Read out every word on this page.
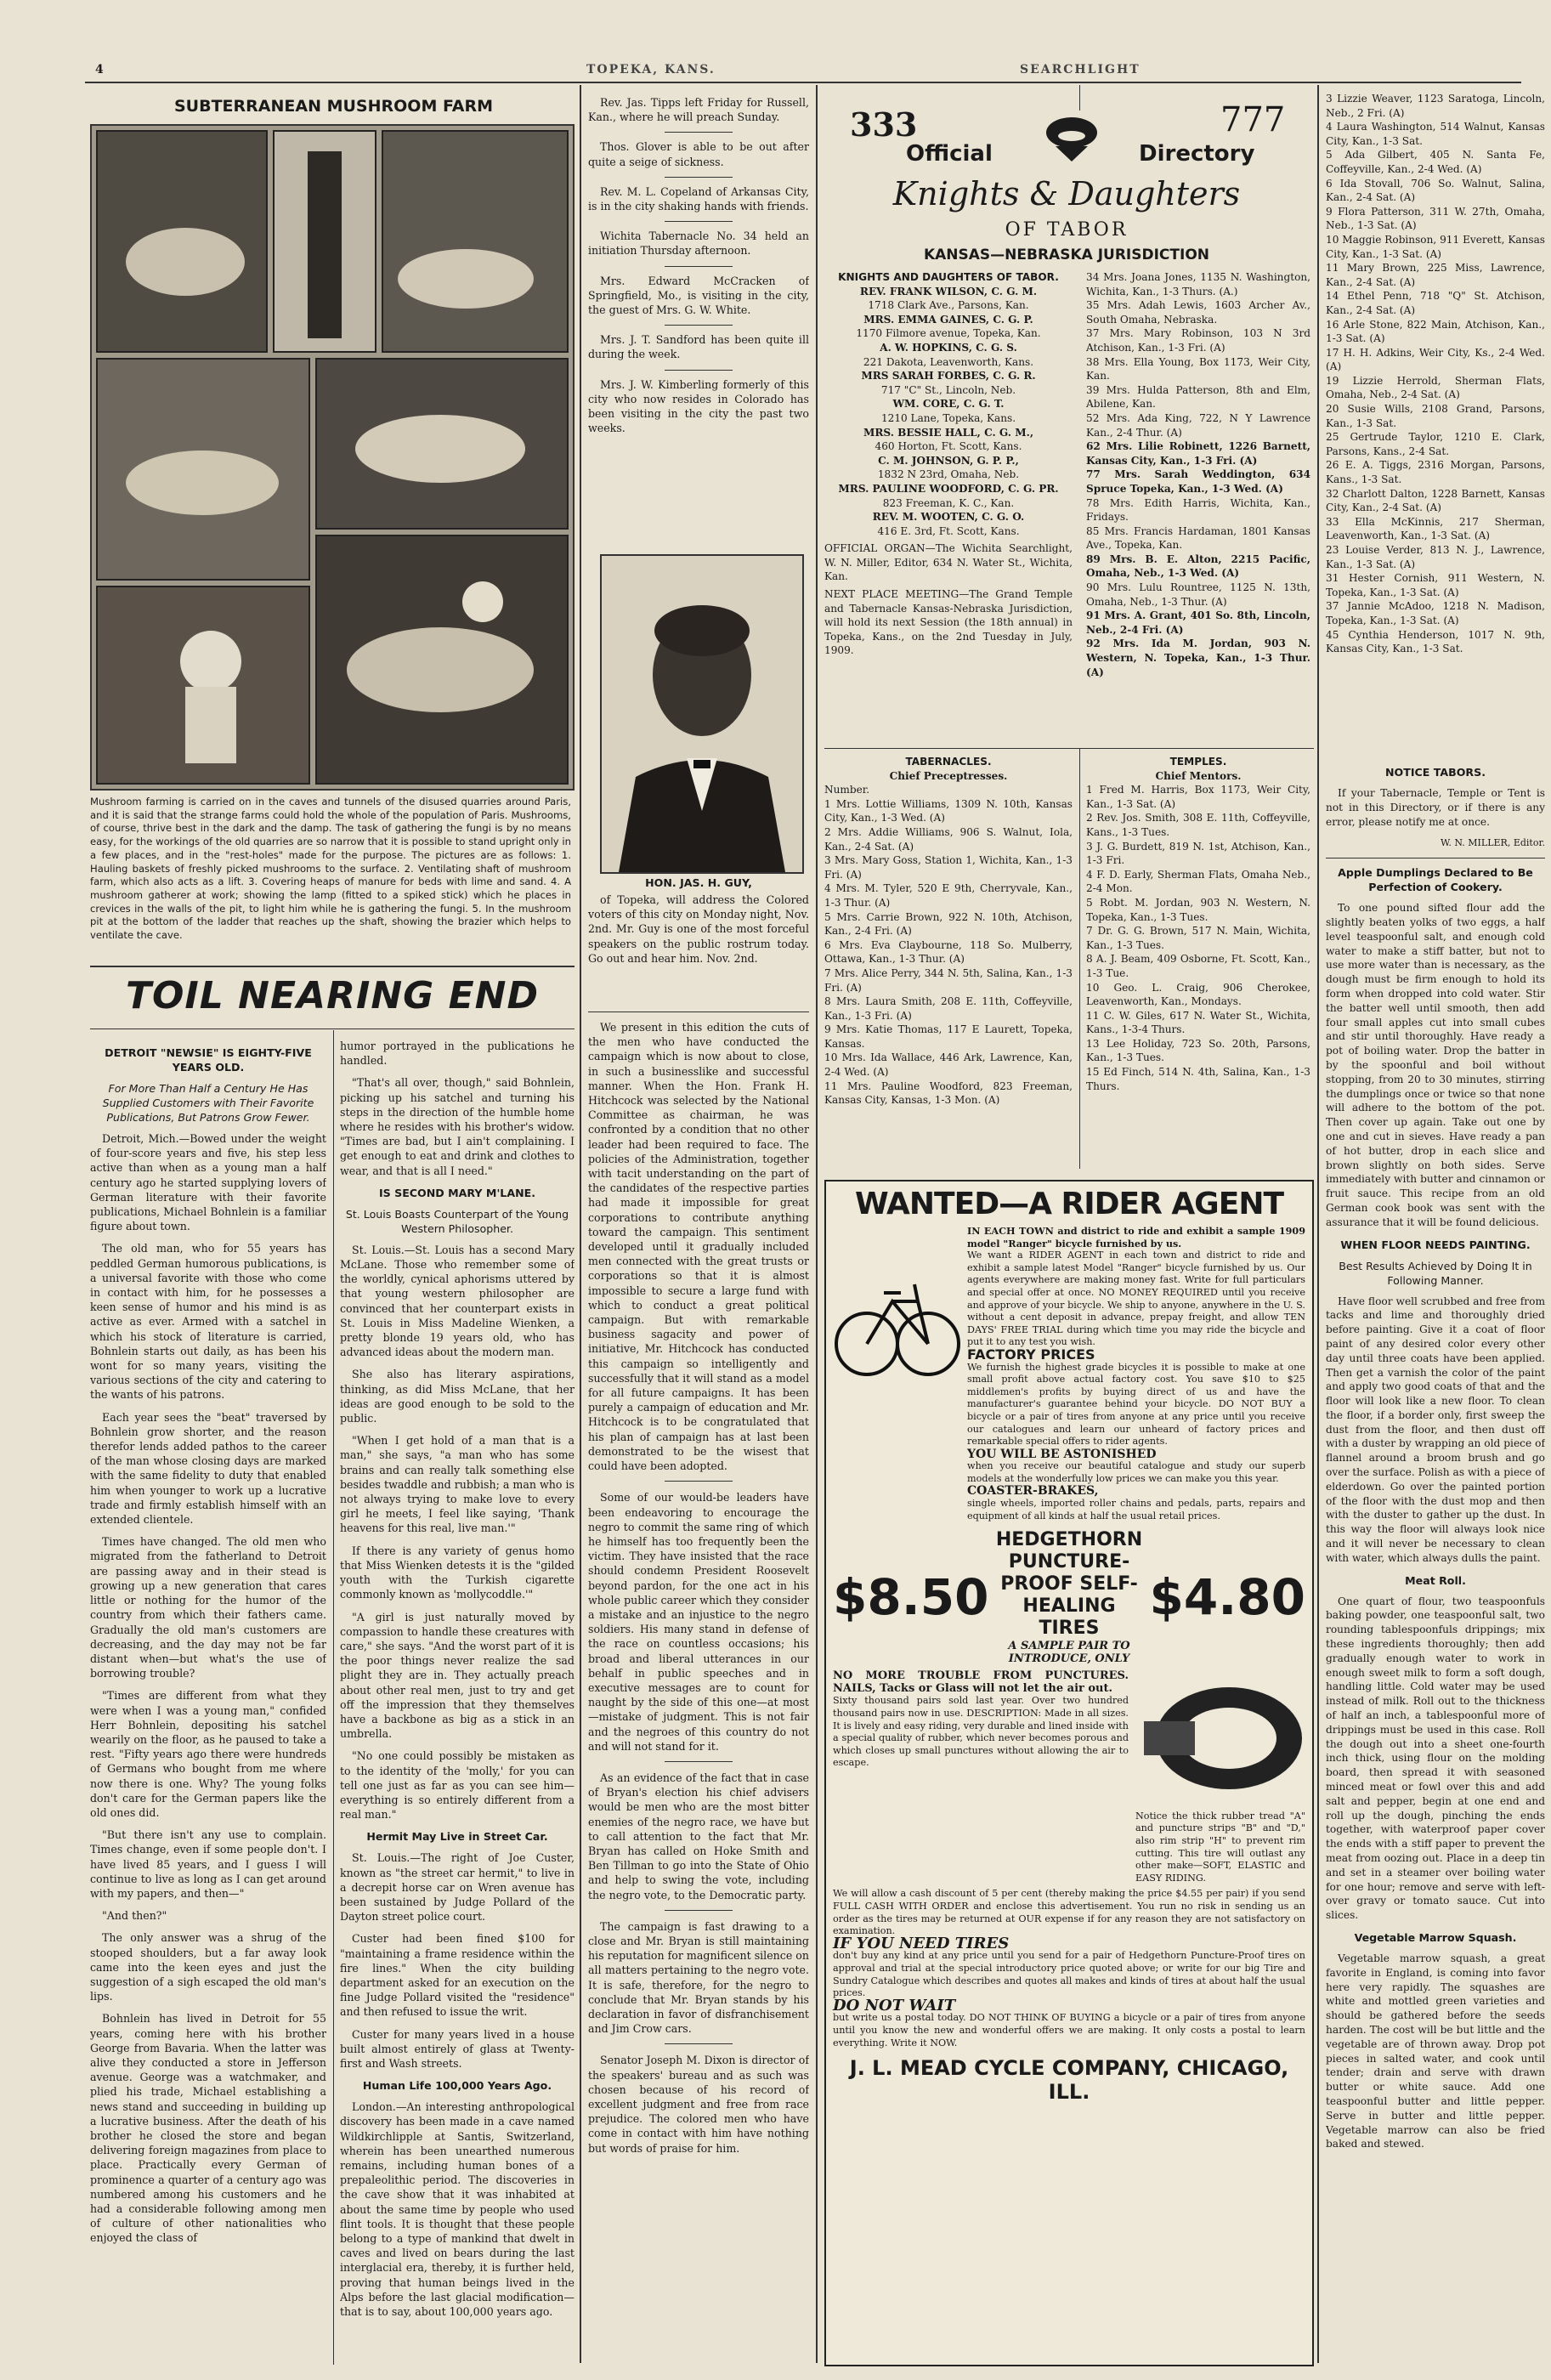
4	TOPEKA, KANS.	SEARCHLIGHT
SUBTERRANEAN MUSHROOM FARM

Mushroom farming is carried on in the caves and tunnels of the disused quarries around Paris, and it is said that the strange farms could hold the whole of the population of Paris. Mushrooms, of course, thrive best in the dark and the damp. The task of gathering the fungi is by no means easy, for the workings of the old quarries are so narrow that it is possible to stand upright only in a few places, and in the "rest-holes" made for the purpose. The pictures are as follows: 1. Hauling baskets of freshly picked mushrooms to the surface. 2. Ventilating shaft of mushroom farm, which also acts as a lift. 3. Covering heaps of manure for beds with lime and sand. 4. A mushroom gatherer at work; showing the lamp (fitted to a spiked stick) which he places in crevices in the walls of the pit, to light him while he is gathering the fungi. 5. In the mushroom pit at the bottom of the ladder that reaches up the shaft, showing the brazier which helps to ventilate the cave.

TOIL NEARING END
DETROIT "NEWSIE" IS EIGHTY-FIVE YEARS OLD.
For More Than Half a Century He Has Supplied Customers with Their Favorite Publications, But Patrons Grow Fewer.

Detroit, Mich.—Bowed under the weight of four-score years and five, his step less active than when as a young man a half century ago he started supplying lovers of German literature with their favorite publications, Michael Bohnlein is a familiar figure about town.

The old man, who for 55 years has peddled German humorous publications, is a universal favorite with those who come in contact with him, for he possesses a keen sense of humor and his mind is as active as ever. Armed with a satchel in which his stock of literature is carried, Bohnlein starts out daily, as has been his wont for so many years, visiting the various sections of the city and catering to the wants of his patrons.

Each year sees the "beat" traversed by Bohnlein grow shorter, and the reason therefor lends added pathos to the career of the man whose closing days are marked with the same fidelity to duty that enabled him when younger to work up a lucrative trade and firmly establish himself with an extended clientele.

Times have changed. The old men who migrated from the fatherland to Detroit are passing away and in their stead is growing up a new generation that cares little or nothing for the humor of the country from which their fathers came. Gradually the old man's customers are decreasing, and the day may not be far distant when—but what's the use of borrowing trouble?

"Times are different from what they were when I was a young man," confided Herr Bohnlein, depositing his satchel wearily on the floor, as he paused to take a rest. "Fifty years ago there were hundreds of Germans who bought from me where now there is one. Why? The young folks don't care for the German papers like the old ones did.

"But there isn't any use to complain. Times change, even if some people don't. I have lived 85 years, and I guess I will continue to live as long as I can get around with my papers, and then—"

"And then?"

The only answer was a shrug of the stooped shoulders, but a far away look came into the keen eyes and just the suggestion of a sigh escaped the old man's lips.

Bohnlein has lived in Detroit for 55 years, coming here with his brother George from Bavaria. When the latter was alive they conducted a store in Jefferson avenue. George was a watchmaker, and plied his trade, Michael establishing a news stand and succeeding in building up a lucrative business. After the death of his brother he closed the store and began delivering foreign magazines from place to place. Practically every German of prominence a quarter of a century ago was numbered among his customers and he had a considerable following among men of culture of other nationalities who enjoyed the class of

humor portrayed in the publications he handled.

"That's all over, though," said Bohnlein, picking up his satchel and turning his steps in the direction of the humble home where he resides with his brother's widow. "Times are bad, but I ain't complaining. I get enough to eat and drink and clothes to wear, and that is all I need."

IS SECOND MARY M'LANE.
St. Louis Boasts Counterpart of the Young Western Philosopher.

St. Louis.—St. Louis has a second Mary McLane. Those who remember some of the worldly, cynical aphorisms uttered by that young western philosopher are convinced that her counterpart exists in St. Louis in Miss Madeline Wienken, a pretty blonde 19 years old, who has advanced ideas about the modern man.

She also has literary aspirations, thinking, as did Miss McLane, that her ideas are good enough to be sold to the public.

"When I get hold of a man that is a man," she says, "a man who has some brains and can really talk something else besides twaddle and rubbish; a man who is not always trying to make love to every girl he meets, I feel like saying, 'Thank heavens for this real, live man.'"

If there is any variety of genus homo that Miss Wienken detests it is the "gilded youth with the Turkish cigarette commonly known as 'mollycoddle.'"

"A girl is just naturally moved by compassion to handle these creatures with care," she says. "And the worst part of it is the poor things never realize the sad plight they are in. They actually preach about other real men, just to try and get off the impression that they themselves have a backbone as big as a stick in an umbrella.

"No one could possibly be mistaken as to the identity of the 'molly,' for you can tell one just as far as you can see him—everything is so entirely different from a real man."

Hermit May Live in Street Car.

St. Louis.—The right of Joe Custer, known as "the street car hermit," to live in a decrepit horse car on Wren avenue has been sustained by Judge Pollard of the Dayton street police court.

Custer had been fined $100 for "maintaining a frame residence within the fire lines." When the city building department asked for an execution on the fine Judge Pollard visited the "residence" and then refused to issue the writ.

Custer for many years lived in a house built almost entirely of glass at Twenty-first and Wash streets.

Human Life 100,000 Years Ago.

London.—An interesting anthropological discovery has been made in a cave named Wildkirchlipple at Santis, Switzerland, wherein has been unearthed numerous remains, including human bones of a prepaleolithic period. The discoveries in the cave show that it was inhabited at about the same time by people who used flint tools. It is thought that these people belong to a type of mankind that dwelt in caves and lived on bears during the last interglacial era, thereby, it is further held, proving that human beings lived in the Alps before the last glacial modification—that is to say, about 100,000 years ago.

Rev. Jas. Tipps left Friday for Russell, Kan., where he will preach Sunday.

Thos. Glover is able to be out after quite a seige of sickness.

Rev. M. L. Copeland of Arkansas City, is in the city shaking hands with friends.

Wichita Tabernacle No. 34 held an initiation Thursday afternoon.

Mrs. Edward McCracken of Springfield, Mo., is visiting in the city, the guest of Mrs. G. W. White.

Mrs. J. T. Sandford has been quite ill during the week.

Mrs. J. W. Kimberling formerly of this city who now resides in Colorado has been visiting in the city the past two weeks.

HON. JAS. H. GUY,

of Topeka, will address the Colored voters of this city on Monday night, Nov. 2nd. Mr. Guy is one of the most forceful speakers on the public rostrum today. Go out and hear him. Nov. 2nd.

We present in this edition the cuts of the men who have conducted the campaign which is now about to close, in such a businesslike and successful manner. When the Hon. Frank H. Hitchcock was selected by the National Committee as chairman, he was confronted by a condition that no other leader had been required to face. The policies of the Administration, together with tacit understanding on the part of the candidates of the respective parties had made it impossible for great corporations to contribute anything toward the campaign. This sentiment developed until it gradually included men connected with the great trusts or corporations so that it is almost impossible to secure a large fund with which to conduct a great political campaign. But with remarkable business sagacity and power of initiative, Mr. Hitchcock has conducted this campaign so intelligently and successfully that it will stand as a model for all future campaigns. It has been purely a campaign of education and Mr. Hitchcock is to be congratulated that his plan of campaign has at last been demonstrated to be the wisest that could have been adopted.

Some of our would-be leaders have been endeavoring to encourage the negro to commit the same ring of which he himself has too frequently been the victim. They have insisted that the race should condemn President Roosevelt beyond pardon, for the one act in his whole public career which they consider a mistake and an injustice to the negro soldiers. His many stand in defense of the race on countless occasions; his broad and liberal utterances in our behalf in public speeches and in executive messages are to count for naught by the side of this one—at most—mistake of judgment. This is not fair and the negroes of this country do not and will not stand for it.

As an evidence of the fact that in case of Bryan's election his chief advisers would be men who are the most bitter enemies of the negro race, we have but to call attention to the fact that Mr. Bryan has called on Hoke Smith and Ben Tillman to go into the State of Ohio and help to swing the vote, including the negro vote, to the Democratic party.

The campaign is fast drawing to a close and Mr. Bryan is still maintaining his reputation for magnificent silence on all matters pertaining to the negro vote. It is safe, therefore, for the negro to conclude that Mr. Bryan stands by his declaration in favor of disfranchisement and Jim Crow cars.

Senator Joseph M. Dixon is director of the speakers' bureau and as such was chosen because of his record of excellent judgment and free from race prejudice. The colored men who have come in contact with him have nothing but words of praise for him.

333	777
Official	Directory
Knights & Daughters
OF TABOR
KANSAS—NEBRASKA JURISDICTION
KNIGHTS AND DAUGHTERS OF TABOR.
REV. FRANK WILSON, C. G. M.
1718 Clark Ave., Parsons, Kan.
MRS. EMMA GAINES, C. G. P.
1170 Filmore avenue, Topeka, Kan.
A. W. HOPKINS, C. G. S.
221 Dakota, Leavenworth, Kans.
MRS SARAH FORBES, C. G. R.
717 "C" St., Lincoln, Neb.
WM. CORE, C. G. T.
1210 Lane, Topeka, Kans.
MRS. BESSIE HALL, C. G. M.,
460 Horton, Ft. Scott, Kans.
C. M. JOHNSON, G. P. P.,
1832 N 23rd, Omaha, Neb.
MRS. PAULINE WOODFORD, C. G. PR.
823 Freeman, K. C., Kan.
REV. M. WOOTEN, C. G. O.
416 E. 3rd, Ft. Scott, Kans.
OFFICIAL ORGAN—The Wichita Searchlight, W. N. Miller, Editor, 634 N. Water St., Wichita, Kan.
NEXT PLACE MEETING—The Grand Temple and Tabernacle Kansas-Nebraska Jurisdiction, will hold its next Session (the 18th annual) in Topeka, Kans., on the 2nd Tuesday in July, 1909.
TABERNACLES.
Chief Preceptresses.
Number.
1 Mrs. Lottie Williams, 1309 N. 10th, Kansas City, Kan., 1-3 Wed. (A)
2 Mrs. Addie Williams, 906 S. Walnut, Iola, Kan., 2-4 Sat. (A)
3 Mrs. Mary Goss, Station 1, Wichita, Kan., 1-3 Fri. (A)
4 Mrs. M. Tyler, 520 E 9th, Cherryvale, Kan., 1-3 Thur. (A)
5 Mrs. Carrie Brown, 922 N. 10th, Atchison, Kan., 2-4 Fri. (A)
6 Mrs. Eva Claybourne, 118 So. Mulberry, Ottawa, Kan., 1-3 Thur. (A)
7 Mrs. Alice Perry, 344 N. 5th, Salina, Kan., 1-3 Fri. (A)
8 Mrs. Laura Smith, 208 E. 11th, Coffeyville, Kan., 1-3 Fri. (A)
9 Mrs. Katie Thomas, 117 E Laurett, Topeka, Kansas.
10 Mrs. Ida Wallace, 446 Ark, Lawrence, Kan, 2-4 Wed. (A)
11 Mrs. Pauline Woodford, 823 Freeman, Kansas City, Kansas, 1-3 Mon. (A)
34 Mrs. Joana Jones, 1135 N. Washington, Wichita, Kan., 1-3 Thurs. (A.)
35 Mrs. Adah Lewis, 1603 Archer Av., South Omaha, Nebraska.
37 Mrs. Mary Robinson, 103 N 3rd Atchison, Kan., 1-3 Fri. (A)
38 Mrs. Ella Young, Box 1173, Weir City, Kan.
39 Mrs. Hulda Patterson, 8th and Elm, Abilene, Kan.
52 Mrs. Ada King, 722, N Y Lawrence Kan., 2-4 Thur. (A)
62 Mrs. Lilie Robinett, 1226 Barnett, Kansas City, Kan., 1-3 Fri. (A)
77 Mrs. Sarah Weddington, 634 Spruce Topeka, Kan., 1-3 Wed. (A)
78 Mrs. Edith Harris, Wichita, Kan., Fridays.
85 Mrs. Francis Hardaman, 1801 Kansas Ave., Topeka, Kan.
89 Mrs. B. E. Alton, 2215 Pacific, Omaha, Neb., 1-3 Wed. (A)
90 Mrs. Lulu Rountree, 1125 N. 13th, Omaha, Neb., 1-3 Thur. (A)
91 Mrs. A. Grant, 401 So. 8th, Lincoln, Neb., 2-4 Fri. (A)
92 Mrs. Ida M. Jordan, 903 N. Western, N. Topeka, Kan., 1-3 Thur. (A)
TEMPLES.
Chief Mentors.
1 Fred M. Harris, Box 1173, Weir City, Kan., 1-3 Sat. (A)
2 Rev. Jos. Smith, 308 E. 11th, Coffeyville, Kans., 1-3 Tues.
3 J. G. Burdett, 819 N. 1st, Atchison, Kan., 1-3 Fri.
4 F. D. Early, Sherman Flats, Omaha Neb., 2-4 Mon.
5 Robt. M. Jordan, 903 N. Western, N. Topeka, Kan., 1-3 Tues.
7 Dr. G. G. Brown, 517 N. Main, Wichita, Kan., 1-3 Tues.
8 A. J. Beam, 409 Osborne, Ft. Scott, Kan., 1-3 Tue.
10 Geo. L. Craig, 906 Cherokee, Leavenworth, Kan., Mondays.
11 C. W. Giles, 617 N. Water St., Wichita, Kans., 1-3-4 Thurs.
13 Lee Holiday, 723 So. 20th, Parsons, Kan., 1-3 Tues.
15 Ed Finch, 514 N. 4th, Salina, Kan., 1-3 Thurs.
WANTED—A RIDER AGENT
IN EACH TOWN and district to ride and exhibit a sample 1909 model "Ranger" bicycle furnished by us.
We want a RIDER AGENT in each town and district to ride and exhibit a sample latest Model "Ranger" bicycle furnished by us. Our agents everywhere are making money fast. Write for full particulars and special offer at once. NO MONEY REQUIRED until you receive and approve of your bicycle. We ship to anyone, anywhere in the U. S. without a cent deposit in advance, prepay freight, and allow TEN DAYS' FREE TRIAL during which time you may ride the bicycle and put it to any test you wish.
FACTORY PRICES
We furnish the highest grade bicycles it is possible to make at one small profit above actual factory cost. You save $10 to $25 middlemen's profits by buying direct of us and have the manufacturer's guarantee behind your bicycle. DO NOT BUY a bicycle or a pair of tires from anyone at any price until you receive our catalogues and learn our unheard of factory prices and remarkable special offers to rider agents.
YOU WILL BE ASTONISHED
when you receive our beautiful catalogue and study our superb models at the wonderfully low prices we can make you this year.
COASTER-BRAKES,
single wheels, imported roller chains and pedals, parts, repairs and equipment of all kinds at half the usual retail prices.
$8.50
HEDGETHORN PUNCTURE-PROOF SELF-HEALING TIRES
A SAMPLE PAIR TO INTRODUCE, ONLY
$4.80
NO MORE TROUBLE FROM PUNCTURES. NAILS, Tacks or Glass will not let the air out.
Sixty thousand pairs sold last year. Over two hundred thousand pairs now in use. DESCRIPTION: Made in all sizes. It is lively and easy riding, very durable and lined inside with a special quality of rubber, which never becomes porous and which closes up small punctures without allowing the air to escape.
Notice the thick rubber tread "A" and puncture strips "B" and "D," also rim strip "H" to prevent rim cutting. This tire will outlast any other make—SOFT, ELASTIC and EASY RIDING.
We will allow a cash discount of 5 per cent (thereby making the price $4.55 per pair) if you send FULL CASH WITH ORDER and enclose this advertisement. You run no risk in sending us an order as the tires may be returned at OUR expense if for any reason they are not satisfactory on examination.
IF YOU NEED TIRES
don't buy any kind at any price until you send for a pair of Hedgethorn Puncture-Proof tires on approval and trial at the special introductory price quoted above; or write for our big Tire and Sundry Catalogue which describes and quotes all makes and kinds of tires at about half the usual prices.
DO NOT WAIT
but write us a postal today. DO NOT THINK OF BUYING a bicycle or a pair of tires from anyone until you know the new and wonderful offers we are making. It only costs a postal to learn everything. Write it NOW.
J. L. MEAD CYCLE COMPANY, CHICAGO, ILL.
3 Lizzie Weaver, 1123 Saratoga, Lincoln, Neb., 2 Fri. (A)
4 Laura Washington, 514 Walnut, Kansas City, Kan., 1-3 Sat.
5 Ada Gilbert, 405 N. Santa Fe, Coffeyville, Kan., 2-4 Wed. (A)
6 Ida Stovall, 706 So. Walnut, Salina, Kan., 2-4 Sat. (A)
9 Flora Patterson, 311 W. 27th, Omaha, Neb., 1-3 Sat. (A)
10 Maggie Robinson, 911 Everett, Kansas City, Kan., 1-3 Sat. (A)
11 Mary Brown, 225 Miss, Lawrence, Kan., 2-4 Sat. (A)
14 Ethel Penn, 718 "Q" St. Atchison, Kan., 2-4 Sat. (A)
16 Arle Stone, 822 Main, Atchison, Kan., 1-3 Sat. (A)
17 H. H. Adkins, Weir City, Ks., 2-4 Wed. (A)
19 Lizzie Herrold, Sherman Flats, Omaha, Neb., 2-4 Sat. (A)
20 Susie Wills, 2108 Grand, Parsons, Kan., 1-3 Sat.
25 Gertrude Taylor, 1210 E. Clark, Parsons, Kans., 2-4 Sat.
26 E. A. Tiggs, 2316 Morgan, Parsons, Kans., 1-3 Sat.
32 Charlott Dalton, 1228 Barnett, Kansas City, Kan., 2-4 Sat. (A)
33 Ella McKinnis, 217 Sherman, Leavenworth, Kan., 1-3 Sat. (A)
23 Louise Verder, 813 N. J., Lawrence, Kan., 1-3 Sat. (A)
31 Hester Cornish, 911 Western, N. Topeka, Kan., 1-3 Sat. (A)
37 Jannie McAdoo, 1218 N. Madison, Topeka, Kan., 1-3 Sat. (A)
45 Cynthia Henderson, 1017 N. 9th, Kansas City, Kan., 1-3 Sat.
NOTICE TABORS.

If your Tabernacle, Temple or Tent is not in this Directory, or if there is any error, please notify me at once.

W. N. MILLER, Editor.
Apple Dumplings Declared to Be Perfection of Cookery.

To one pound sifted flour add the slightly beaten yolks of two eggs, a half level teaspoonful salt, and enough cold water to make a stiff batter, but not to use more water than is necessary, as the dough must be firm enough to hold its form when dropped into cold water. Stir the batter well until smooth, then add four small apples cut into small cubes and stir until thoroughly. Have ready a pot of boiling water. Drop the batter in by the spoonful and boil without stopping, from 20 to 30 minutes, stirring the dumplings once or twice so that none will adhere to the bottom of the pot. Then cover up again. Take out one by one and cut in sieves. Have ready a pan of hot butter, drop in each slice and brown slightly on both sides. Serve immediately with butter and cinnamon or fruit sauce. This recipe from an old German cook book was sent with the assurance that it will be found delicious.

WHEN FLOOR NEEDS PAINTING.
Best Results Achieved by Doing It in Following Manner.

Have floor well scrubbed and free from tacks and lime and thoroughly dried before painting. Give it a coat of floor paint of any desired color every other day until three coats have been applied. Then get a varnish the color of the paint and apply two good coats of that and the floor will look like a new floor. To clean the floor, if a border only, first sweep the dust from the floor, and then dust off with a duster by wrapping an old piece of flannel around a broom brush and go over the surface. Polish as with a piece of elderdown. Go over the painted portion of the floor with the dust mop and then with the duster to gather up the dust. In this way the floor will always look nice and it will never be necessary to clean with water, which always dulls the paint.

Meat Roll.

One quart of flour, two teaspoonfuls baking powder, one teaspoonful salt, two rounding tablespoonfuls drippings; mix these ingredients thoroughly; then add gradually enough water to work in enough sweet milk to form a soft dough, handling little. Cold water may be used instead of milk. Roll out to the thickness of half an inch, a tablespoonful more of drippings must be used in this case. Roll the dough out into a sheet one-fourth inch thick, using flour on the molding board, then spread it with seasoned minced meat or fowl over this and add salt and pepper, begin at one end and roll up the dough, pinching the ends together, with waterproof paper cover the ends with a stiff paper to prevent the meat from oozing out. Place in a deep tin and set in a steamer over boiling water for one hour; remove and serve with left-over gravy or tomato sauce. Cut into slices.

Vegetable Marrow Squash.

Vegetable marrow squash, a great favorite in England, is coming into favor here very rapidly. The squashes are white and mottled green varieties and should be gathered before the seeds harden. The cost will be but little and the vegetable are of thrown away. Drop pot pieces in salted water, and cook until tender; drain and serve with drawn butter or white sauce. Add one teaspoonful butter and little pepper. Serve in butter and little pepper. Vegetable marrow can also be fried baked and stewed.
